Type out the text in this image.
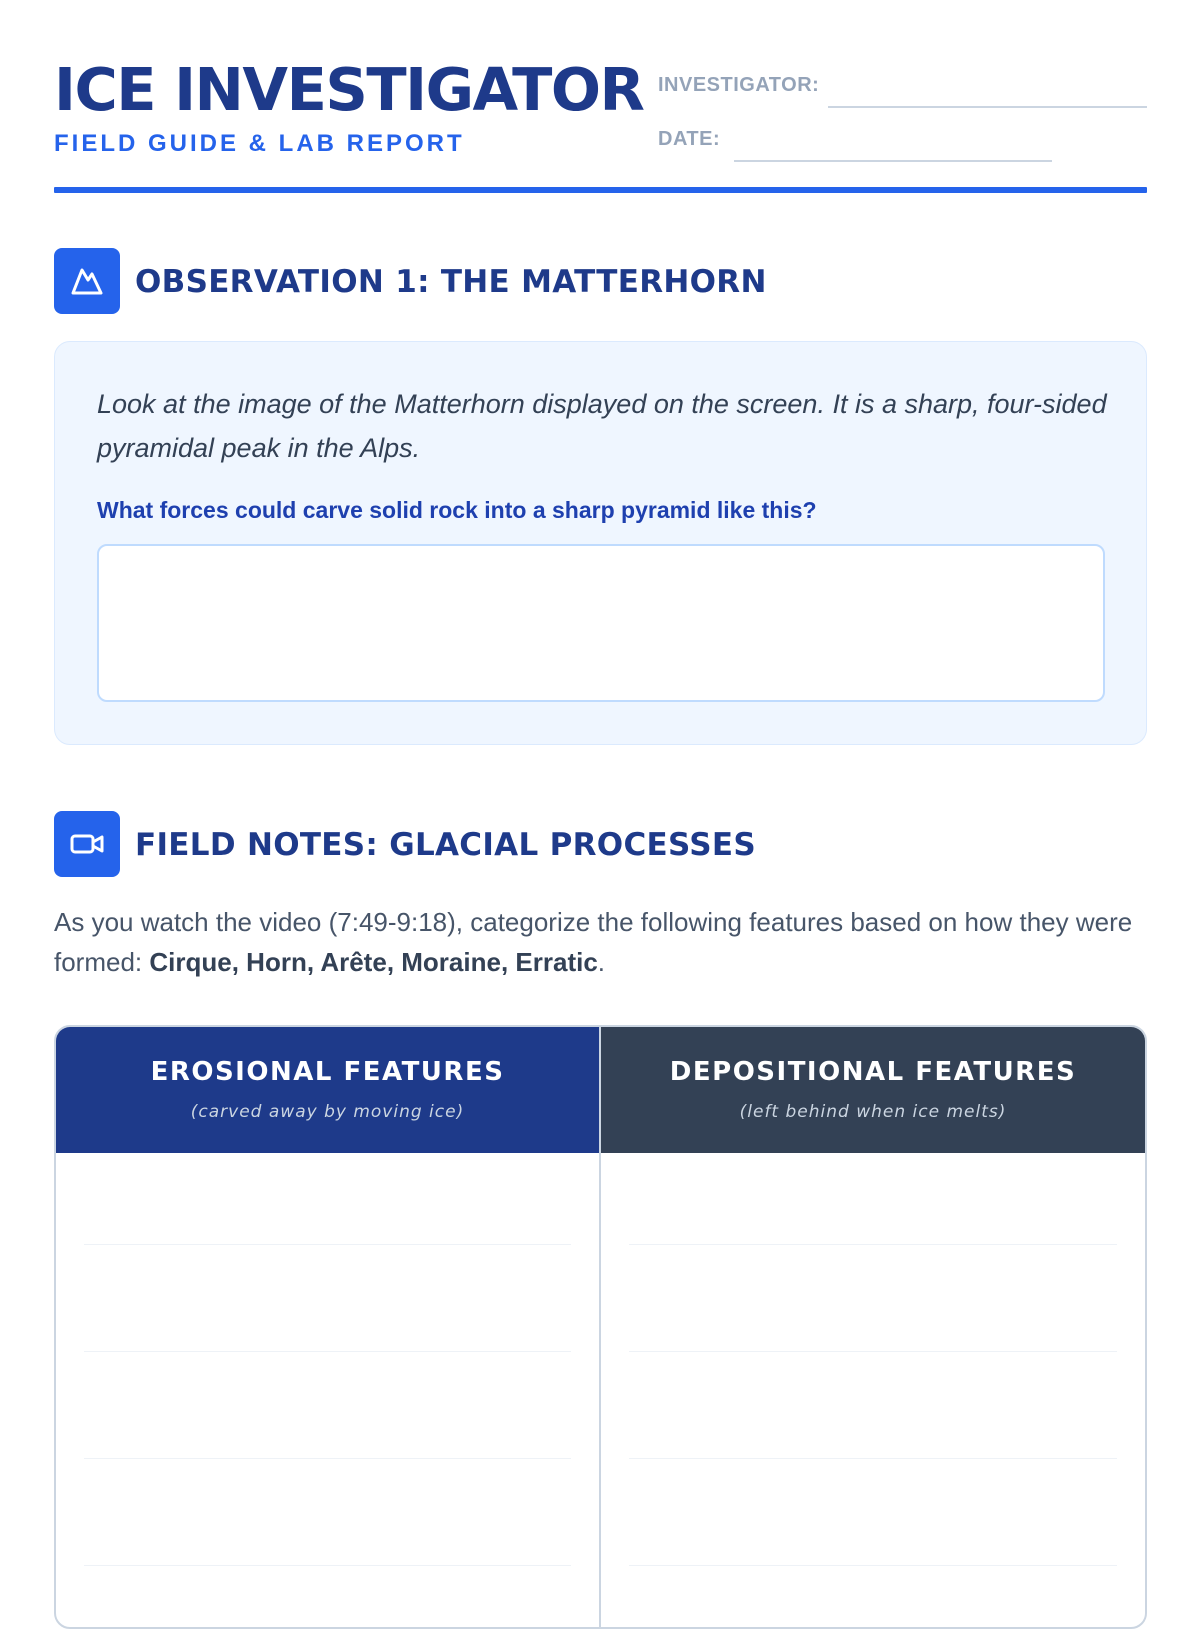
ICE INVESTIGATOR
FIELD GUIDE & LAB REPORT
INVESTIGATOR:
DATE:
OBSERVATION 1: THE MATTERHORN

Look at the image of the Matterhorn displayed on the screen. It is a sharp, four-sided pyramidal peak in the Alps.

What forces could carve solid rock into a sharp pyramid like this?
FIELD NOTES: GLACIAL PROCESSES

As you watch the video (7:49-9:18), categorize the following features based on how they were formed: Cirque, Horn, Arête, Moraine, Erratic.

EROSIONAL FEATURES
(carved away by moving ice)
DEPOSITIONAL FEATURES
(left behind when ice melts)
